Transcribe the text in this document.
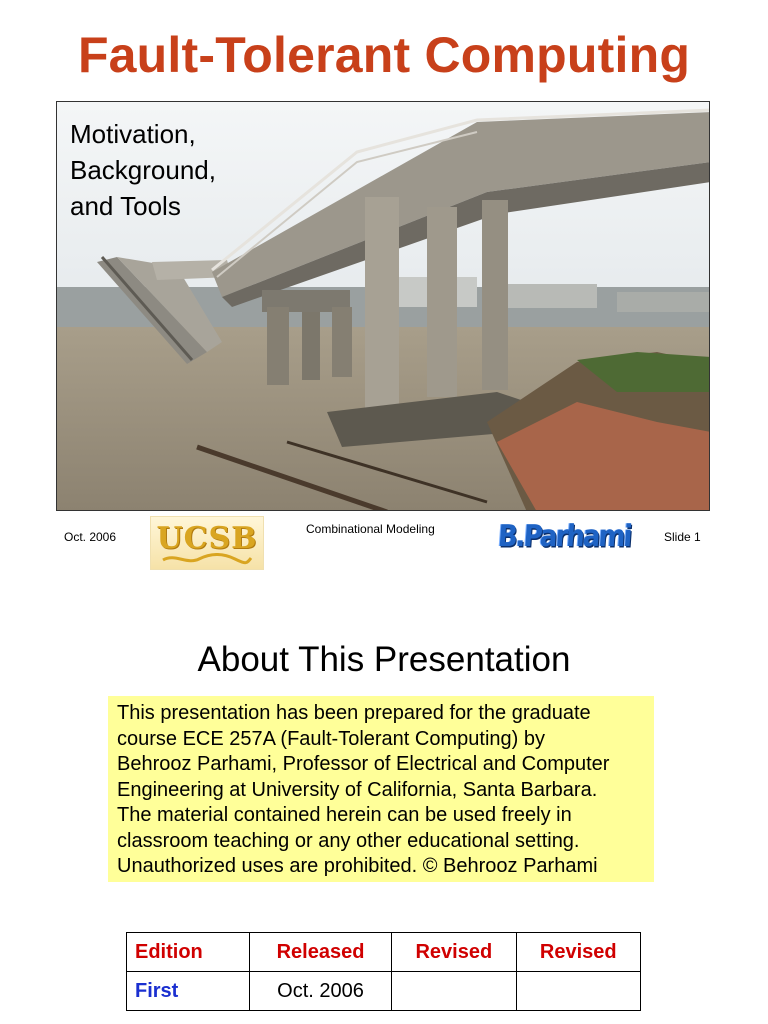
Fault-Tolerant Computing
Motivation,
Background,
and Tools
Oct. 2006 UCSB	Combinational Modeling B.Parhami	Slide 1
About This Presentation
This presentation has been prepared for the graduate
course ECE 257A (Fault-Tolerant Computing) by
Behrooz Parhami, Professor of Electrical and Computer
Engineering at University of California, Santa Barbara.
The material contained herein can be used freely in
classroom teaching or any other educational setting.
Unauthorized uses are prohibited. © Behrooz Parhami
Edition	Released	Revised	Revised
First	Oct. 2006		
